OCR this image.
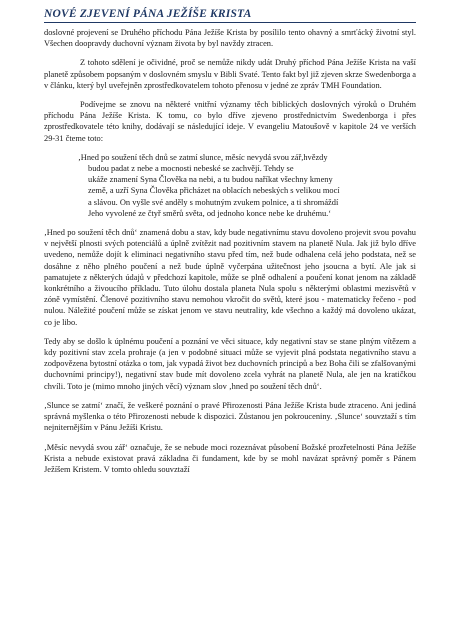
NOVÉ ZJEVENÍ PÁNA JEŽÍŠE KRISTA

doslovné projevení se Druhého příchodu Pána Ježíše Krista by posílilo tento ohavný a smrťácký životní styl. Všechen doopravdy duchovní význam života by byl navždy ztracen.

Z tohoto sdělení je očividné, proč se nemůže nikdy udát Druhý příchod Pána Ježíše Krista na vaší planetě způsobem popsaným v doslovném smyslu v Bibli Svaté. Tento fakt byl již zjeven skrze Swedenborga a v článku, který byl uveřejněn zprostředkovatelem tohoto přenosu v jedné ze zpráv TMH Foundation.

Podívejme se znovu na některé vnitřní významy těch biblických doslovných výroků o Druhém příchodu Pána Ježíše Krista. K tomu, co bylo dříve zjeveno prostřednictvím Swedenborga i přes zprostředkovatele této knihy, dodávají se následující ideje. V evangeliu Matoušově v kapitole 24 ve verších 29-31 čteme toto:

‚Hned po soužení těch dnů se zatmí slunce, měsíc nevydá svou zář,hvězdy
budou padat z nebe a mocnosti nebeské se zachvějí. Tehdy se
ukáže znamení Syna Člověka na nebi, a tu budou naříkat všechny kmeny
země, a uzří Syna Člověka přicházet na oblacích nebeských s velikou mocí
a slávou. On vyšle své anděly s mohutným zvukem polnice, a ti shromáždí
Jeho vyvolené ze čtyř směrů světa, od jednoho konce nebe ke druhému.‘

‚Hned po soužení těch dnů‘ znamená dobu a stav, kdy bude negativnímu stavu dovoleno projevit svou povahu v největší plnosti svých potenciálů a úplně zvítězit nad pozitivním stavem na planetě Nula. Jak již bylo dříve uvedeno, nemůže dojít k eliminaci negativního stavu před tím, než bude odhalena celá jeho podstata, než se dosáhne z něho plného poučení a než bude úplně vyčerpána užitečnost jeho jsoucna a bytí. Ale jak si pamatujete z některých údajů v předchozí kapitole, může se plně odhalení a poučení konat jenom na základě konkrétního a živoucího příkladu. Tuto úlohu dostala planeta Nula spolu s některými oblastmi mezisvětů v zóně vymístění. Členové pozitivního stavu nemohou vkročit do světů, které jsou - matematicky řečeno - pod nulou. Náležité poučení může se získat jenom ve stavu neutrality, kde všechno a každý má dovoleno ukázat, co je libo.

Tedy aby se došlo k úplnému poučení a poznání ve věci situace, kdy negativní stav se stane plným vítězem a kdy pozitivní stav zcela prohraje (a jen v podobné situaci může se vyjevit plná podstata negativního stavu a zodpovězena bytostní otázka o tom, jak vypadá život bez duchovních principů a bez Boha čili se zfalšovanými duchovními principy!), negativní stav bude mít dovoleno zcela vyhrát na planetě Nula, ale jen na kratičkou chvíli. Toto je (mimo mnoho jiných věcí) význam slov ‚hned po soužení těch dnů‘.

‚Slunce se zatmí‘ značí, že veškeré poznání o pravé Přirozenosti Pána Ježíše Krista bude ztraceno. Ani jediná správná myšlenka o této Přirozenosti nebude k dispozici. Zůstanou jen pokrouceniny. ‚Slunce‘ souvztaží s tím nejniternějším v Pánu Ježíši Kristu.

‚Měsíc nevydá svou zář‘ označuje, že se nebude moci rozeznávat působení Božské prozřetelnosti Pána Ježíše Krista a nebude existovat pravá základna či fundament, kde by se mohl navázat správný poměr s Pánem Ježíšem Kristem. V tomto ohledu souvztaží
